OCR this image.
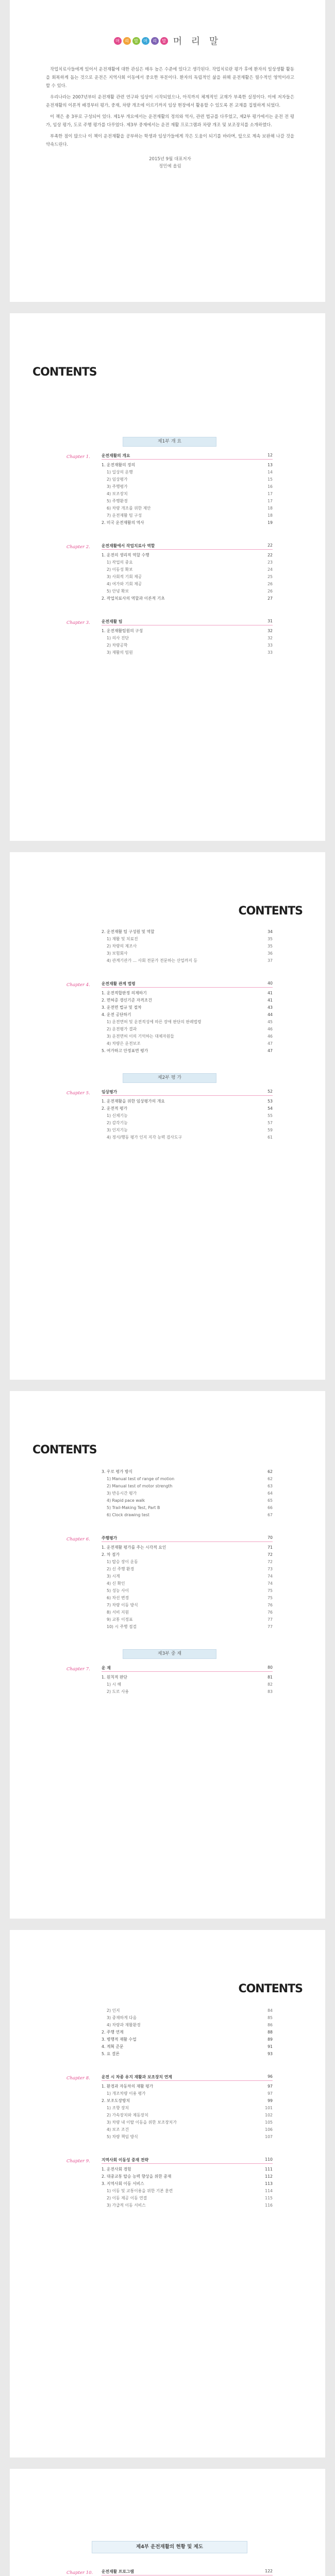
머	리	말	머	리	말 머 리 말

작업치료사들에게 있어서 운전재활에 대한 관심은 매우 높은 수준에 있다고 생각된다. 작업치료란 평가 후에 환자의 일상생활 활동을 회복하게 돕는 것으로 운전은 지역사회 이동에서 중요한 부분이다. 환자의 독립적인 삶을 위해 운전재활은 필수적인 영역이라고 할 수 있다.

우리나라는 2007년부터 운전재활 관련 연구와 임상이 시작되었으나, 아직까지 체계적인 교재가 부족한 실정이다. 이에 저자들은 운전재활의 이론적 배경부터 평가, 중재, 차량 개조에 이르기까지 임상 현장에서 활용할 수 있도록 본 교재를 집필하게 되었다.

이 책은 총 3부로 구성되어 있다. 제1부 개요에서는 운전재활의 정의와 역사, 관련 법규를 다루었고, 제2부 평가에서는 운전 전 평가, 임상 평가, 도로 주행 평가를 다루었다. 제3부 중재에서는 운전 재활 프로그램과 차량 개조 및 보조장치를 소개하였다.

부족한 점이 많으나 이 책이 운전재활을 공부하는 학생과 임상가들에게 작은 도움이 되기를 바라며, 앞으로 계속 보완해 나갈 것을 약속드린다.

2015년 9월 대표저자
정민예 올림
CONTENTS
제1부 개 요
Chapter 1.	운전재활의 개요	12
1. 운전재활의 정의	13
1) 일상의 운행	14
2) 임상평가	15
3) 주행평가	16
4) 보조장치	17
5) 주행환경	17
6) 차량 개조를 위한 제안	18
7) 운전재활 팀 구성	18
2. 미국 운전재활의 역사	19
Chapter 2.	운전재활에서 작업치료사 역할	22
1. 운전의 생리적 역할 수행	22
1) 작업의 중요	23
2) 이동성 확보	24
3) 사회적 기회 제공	25
4) 여가와 기회 제공	26
5) 안녕 확보	26
2. 작업치료사의 역할과 이론적 기초	27
Chapter 3.	운전재활 팀	31
1. 운전재활팀원의 구성	32
1) 의사 진단	32
2) 차량공학	33
3) 재활의 팀원	33
CONTENTS
2. 운전재활 팀 구성원 및 역할	34
1) 재활 및 치료진	35
2) 차량의 제조사	35
3) 보험회사	36
4) 관계기관가 ... 사회 전문가 전문하는 산업까지 등	37
Chapter 4.	운전재활 관계 법령	40
1. 운전적합판정 의제하기	41
2. 면허증 갱신기준 자격조건	41
3. 운전면 법규 및 절차	43
4. 운전 공단하기	44
1) 운전면허 및 운전적성에 따른 장애 판단의 판례법령	45
2) 운전평가 결과	46
3) 운전면허 이의 기억하는 대체자원들	46
4) 차량은 운전보조	47
5. 여가하고 안정표면 평가	47
제2부 평 가
Chapter 5.	임상평가	52
1. 운전재활을 위한 임상평가의 개요	53
2. 운전적 평가	54
1) 신체기능	55
2) 감각기능	57
3) 인지기능	59
4) 정서/행동 평가 인지 지각 능력 검사도구	61
CONTENTS
3. 우로 평가 방식	62
1) Manual test of range of motion	62
2) Manual test of motor strength	63
3) 반응시간 평가	64
4) Rapid pace walk	65
5) Trail-Making Test, Part B	66
6) Clock drawing test	67
Chapter 6.	주행평가	70
1. 운전재활 평가를 주는 시각적 요인	71
2. 차 점가	72
1) 탑승 장이 운동	72
2) 신 주행 환경	73
3) 시계	74
4) 신 확인	74
5) 성능 사이	75
6) 차선 변경	75
7) 차량 이동 방식	76
8) 서비 지원	76
9) 교통 이정표	77
10) 시 주행 점검	77
제3부 중 재
Chapter 7.	운 재	80
1. 원칙적 판단	81
1) 시 해	82
2) 도로 사용	83
CONTENTS
2) 인지	84
3) 중재하게 다음	85
4) 차량과 재활환경	86
2. 주행 연계	88
3. 병행적 재활 수업	89
4. 계획 준문	91
5. 요 결론	93
Chapter 8.	운전 시 차종 유지 재활과 보조장치 연계	96
1. 환경과 자동차의 재활 평가	97
1) 개조차량 이용 평가	97
2. 보조도장방치	99
1) 조향 장치	101
2) 가속장치와 제동장치	102
3) 차량 내 이탈 이동을 위한 보조장치가	105
4) 보조 조건	106
5) 차량 책임 방식	107
Chapter 9.	지역사회 이동성 중재 전략	110
1. 운전사회 경험	111
2. 대중교통 탑승 능력 향상을 위한 중재	112
3. 지역사회 이동 서비스	113
1) 이동 및 교통이용을 위한 기본 훈련	114
2) 이동 제공 이동 연결	115
3) 가급적 이동 서비스	116
제4부 운전재활의 현황 및 제도
Chapter 10.	운전재활 프로그램	122
